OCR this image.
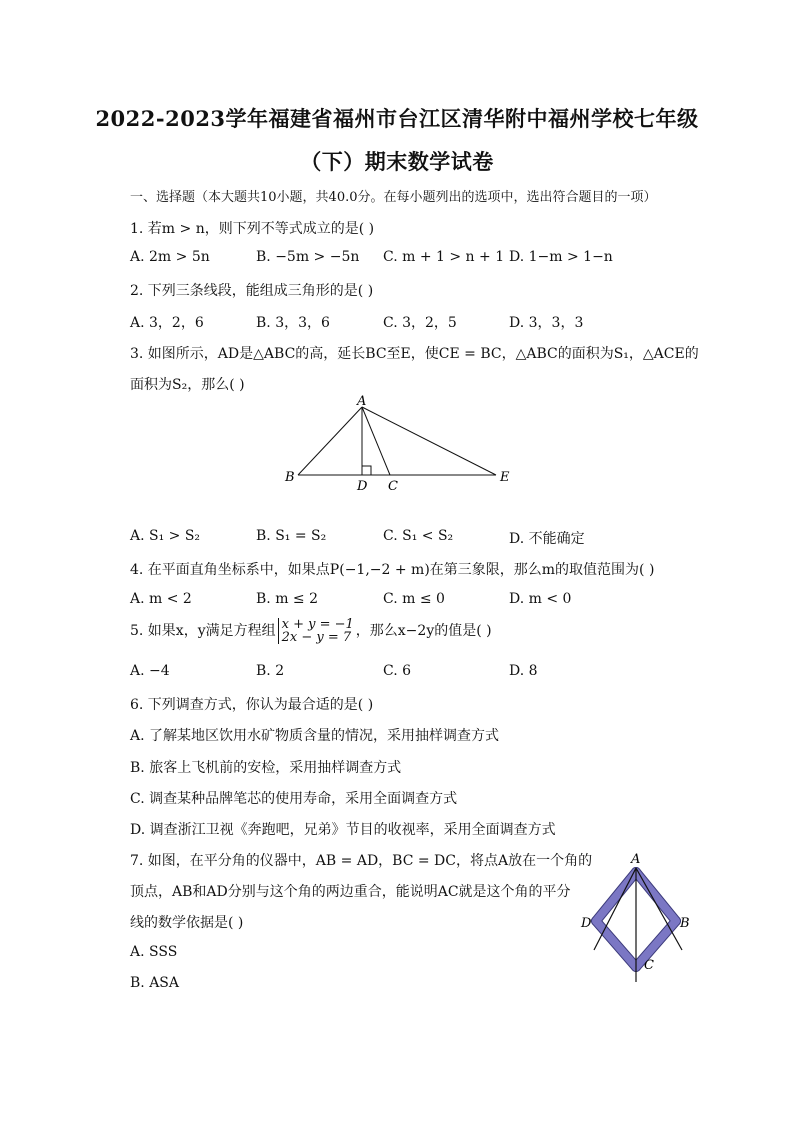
2022-2023学年福建省福州市台江区清华附中福州学校七年级
（下）期末数学试卷
一、选择题（本大题共10小题，共40.0分。在每小题列出的选项中，选出符合题目的一项）
1. 若m > n，则下列不等式成立的是( )
A. 2m > 5n	B. −5m > −5n C. m + 1 > n + 1 D. 1−m > 1−n
2. 下列三条线段，能组成三角形的是( )
A. 3，2，6	B. 3，3，6	C. 3，2，5	D. 3，3，3
3. 如图所示，AD是△ABC的高，延长BC至E，使CE = BC，△ABC的面积为S₁，△ACE的
面积为S₂，那么( )
A
B
D C
E
A. S₁ > S₂	B. S₁ = S₂	C. S₁ < S₂	D. 不能确定
4. 在平面直角坐标系中，如果点P(−1,−2 + m)在第三象限，那么m的取值范围为( )
A. m < 2	B. m ≤ 2	C. m ≤ 0	D. m < 0
5. 如果x，y满足方程组 x + y = −1
2x − y = 7 ，那么x−2y的值是( )
A. −4	B. 2	C. 6	D. 8
6. 下列调查方式，你认为最合适的是( )
A. 了解某地区饮用水矿物质含量的情况，采用抽样调查方式
B. 旅客上飞机前的安检，采用抽样调查方式
C. 调查某种品牌笔芯的使用寿命，采用全面调查方式
D. 调查浙江卫视《奔跑吧，兄弟》节目的收视率，采用全面调查方式
7. 如图，在平分角的仪器中，AB = AD，BC = DC，将点A放在一个角的
顶点，AB和AD分别与这个角的两边重合，能说明AC就是这个角的平分
线的数学依据是( )
A. SSS
B. ASA
A
B
C
D
